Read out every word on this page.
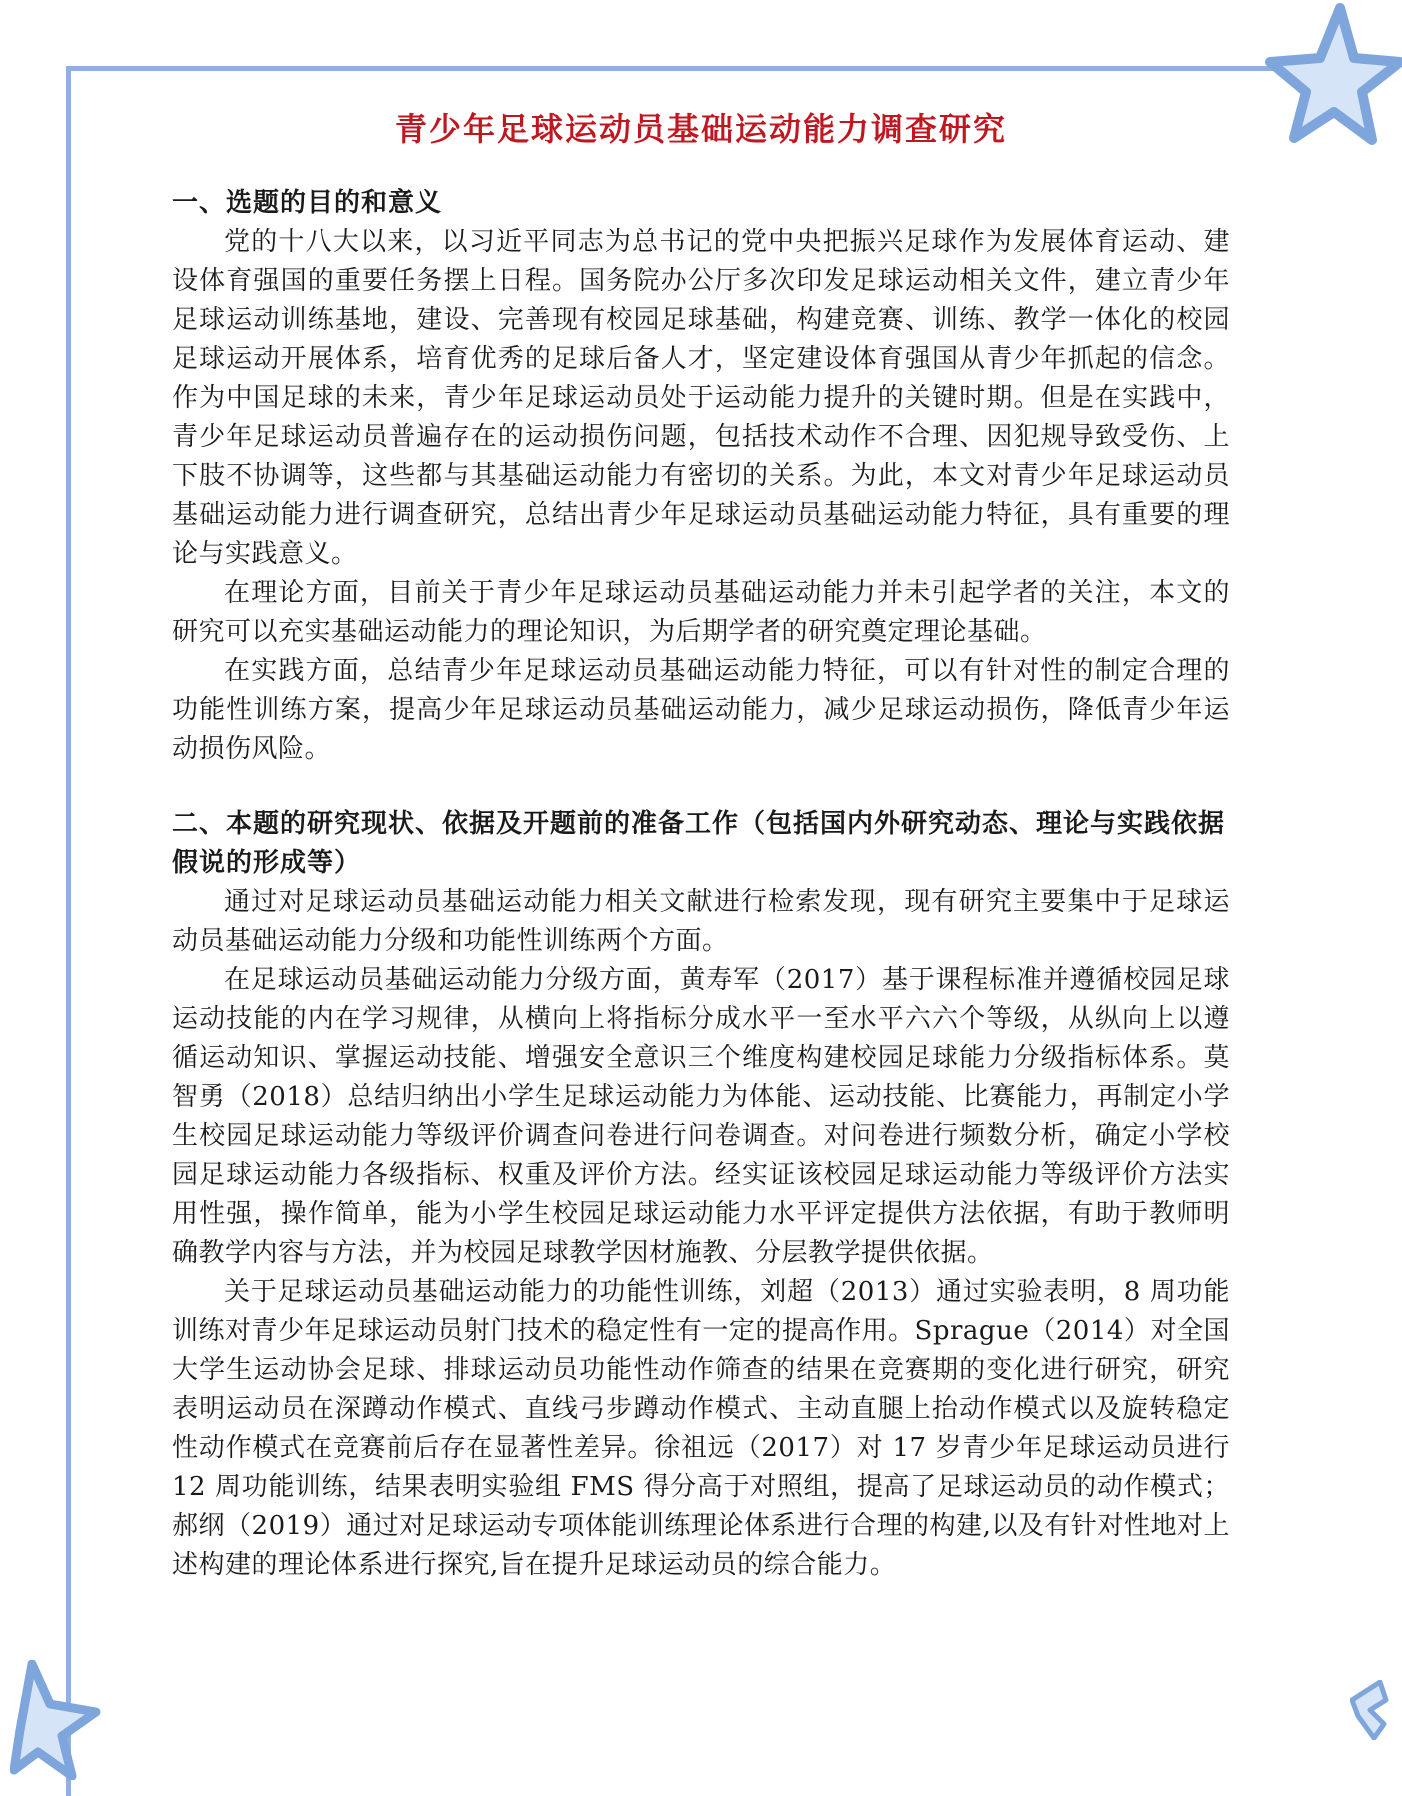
青少年足球运动员基础运动能力调查研究
一、选题的目的和意义

党的十八大以来，以习近平同志为总书记的党中央把振兴足球作为发展体育运动、建设体育强国的重要任务摆上日程。国务院办公厅多次印发足球运动相关文件，建立青少年足球运动训练基地，建设、完善现有校园足球基础，构建竞赛、训练、教学一体化的校园足球运动开展体系，培育优秀的足球后备人才，坚定建设体育强国从青少年抓起的信念。作为中国足球的未来，青少年足球运动员处于运动能力提升的关键时期。但是在实践中，青少年足球运动员普遍存在的运动损伤问题，包括技术动作不合理、因犯规导致受伤、上下肢不协调等，这些都与其基础运动能力有密切的关系。为此，本文对青少年足球运动员基础运动能力进行调查研究，总结出青少年足球运动员基础运动能力特征，具有重要的理论与实践意义。

在理论方面，目前关于青少年足球运动员基础运动能力并未引起学者的关注，本文的研究可以充实基础运动能力的理论知识，为后期学者的研究奠定理论基础。

在实践方面，总结青少年足球运动员基础运动能力特征，可以有针对性的制定合理的功能性训练方案，提高少年足球运动员基础运动能力，减少足球运动损伤，降低青少年运动损伤风险。

二、本题的研究现状、依据及开题前的准备工作（包括国内外研究动态、理论与实践依据假说的形成等）

通过对足球运动员基础运动能力相关文献进行检索发现，现有研究主要集中于足球运动员基础运动能力分级和功能性训练两个方面。

在足球运动员基础运动能力分级方面，黄寿军（2017）基于课程标准并遵循校园足球运动技能的内在学习规律，从横向上将指标分成水平一至水平六六个等级，从纵向上以遵循运动知识、掌握运动技能、增强安全意识三个维度构建校园足球能力分级指标体系。莫智勇（2018）总结归纳出小学生足球运动能力为体能、运动技能、比赛能力，再制定小学生校园足球运动能力等级评价调查问卷进行问卷调查。对问卷进行频数分析，确定小学校园足球运动能力各级指标、权重及评价方法。经实证该校园足球运动能力等级评价方法实用性强，操作简单，能为小学生校园足球运动能力水平评定提供方法依据，有助于教师明确教学内容与方法，并为校园足球教学因材施教、分层教学提供依据。

关于足球运动员基础运动能力的功能性训练，刘超（2013）通过实验表明，8 周功能训练对青少年足球运动员射门技术的稳定性有一定的提高作用。Sprague（2014）对全国大学生运动协会足球、排球运动员功能性动作筛查的结果在竞赛期的变化进行研究，研究表明运动员在深蹲动作模式、直线弓步蹲动作模式、主动直腿上抬动作模式以及旋转稳定性动作模式在竞赛前后存在显著性差异。徐祖远（2017）对 17 岁青少年足球运动员进行 12 周功能训练，结果表明实验组 FMS 得分高于对照组，提高了足球运动员的动作模式；郝纲（2019）通过对足球运动专项体能训练理论体系进行合理的构建,以及有针对性地对上述构建的理论体系进行探究,旨在提升足球运动员的综合能力。
